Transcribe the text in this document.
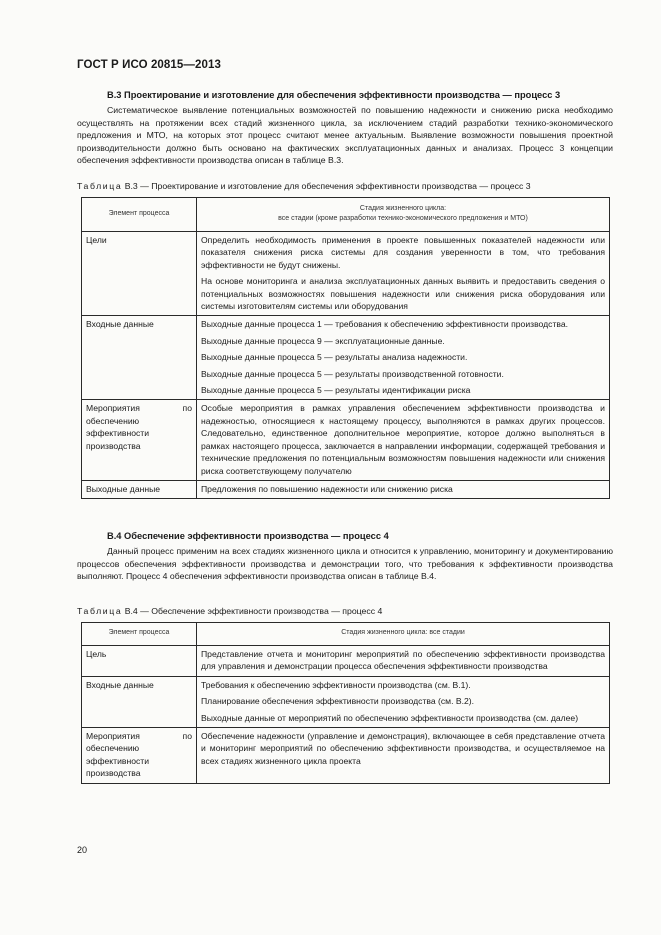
ГОСТ Р ИСО 20815—2013
В.3 Проектирование и изготовление для обеспечения эффективности производства — процесс 3
Систематическое выявление потенциальных возможностей по повышению надежности и снижению риска необходимо осуществлять на протяжении всех стадий жизненного цикла, за исключением стадий разработки технико-экономического предложения и МТО, на которых этот процесс считают менее актуальным. Выявление возможности повышения проектной производительности должно быть основано на фактических эксплуатационных данных и анализах. Процесс 3 концепции обеспечения эффективности производства описан в таблице В.3.
Таблица В.3 — Проектирование и изготовление для обеспечения эффективности производства — процесс 3
Элемент процесса	Стадия жизненного цикла:
все стадии (кроме разработки технико-экономического предложения и МТО)

Цели	Определить необходимость применения в проекте повышенных показателей надежности или показателя снижения риска системы для создания уверенности в том, что требования эффективности не будут снижены.

На основе мониторинга и анализа эксплуатационных данных выявить и предоставить сведения о потенциальных возможностях повышения надежности или снижения риска оборудования или системы изготовителям системы или оборудования

Входные данные	Выходные данные процесса 1 — требования к обеспечению эффективности производства.

Выходные данные процесса 9 — эксплуатационные данные.

Выходные данные процесса 5 — результаты анализа надежности.

Выходные данные процесса 5 — результаты производственной готовности.

Выходные данные процесса 5 — результаты идентификации риска

Мероприятия по обеспечению эффективности производства	Особые мероприятия в рамках управления обеспечением эффективности производства и надежностью, относящиеся к настоящему процессу, выполняются в рамках других процессов. Следовательно, единственное дополнительное мероприятие, которое должно выполняться в рамках настоящего процесса, заключается в направлении информации, содержащей требования и технические предложения по потенциальным возможностям повышения надежности или снижения риска соответствующему получателю

Выходные данные	Предложения по повышению надежности или снижению риска

В.4 Обеспечение эффективности производства — процесс 4
Данный процесс применим на всех стадиях жизненного цикла и относится к управлению, мониторингу и документированию процессов обеспечения эффективности производства и демонстрации того, что требования к эффективности производства выполняют. Процесс 4 обеспечения эффективности производства описан в таблице В.4.
Таблица В.4 — Обеспечение эффективности производства — процесс 4
Элемент процесса	Стадия жизненного цикла: все стадии
Цель	Представление отчета и мониторинг мероприятий по обеспечению эффективности производства для управления и демонстрации процесса обеспечения эффективности производства

Входные данные	Требования к обеспечению эффективности производства (см. В.1).

Планирование обеспечения эффективности производства (см. В.2).

Выходные данные от мероприятий по обеспечению эффективности производства (см. далее)

Мероприятия по обеспечению эффективности производства	Обеспечение надежности (управление и демонстрация), включающее в себя представление отчета и мониторинг мероприятий по обеспечению эффективности производства, и осуществляемое на всех стадиях жизненного цикла проекта

20
